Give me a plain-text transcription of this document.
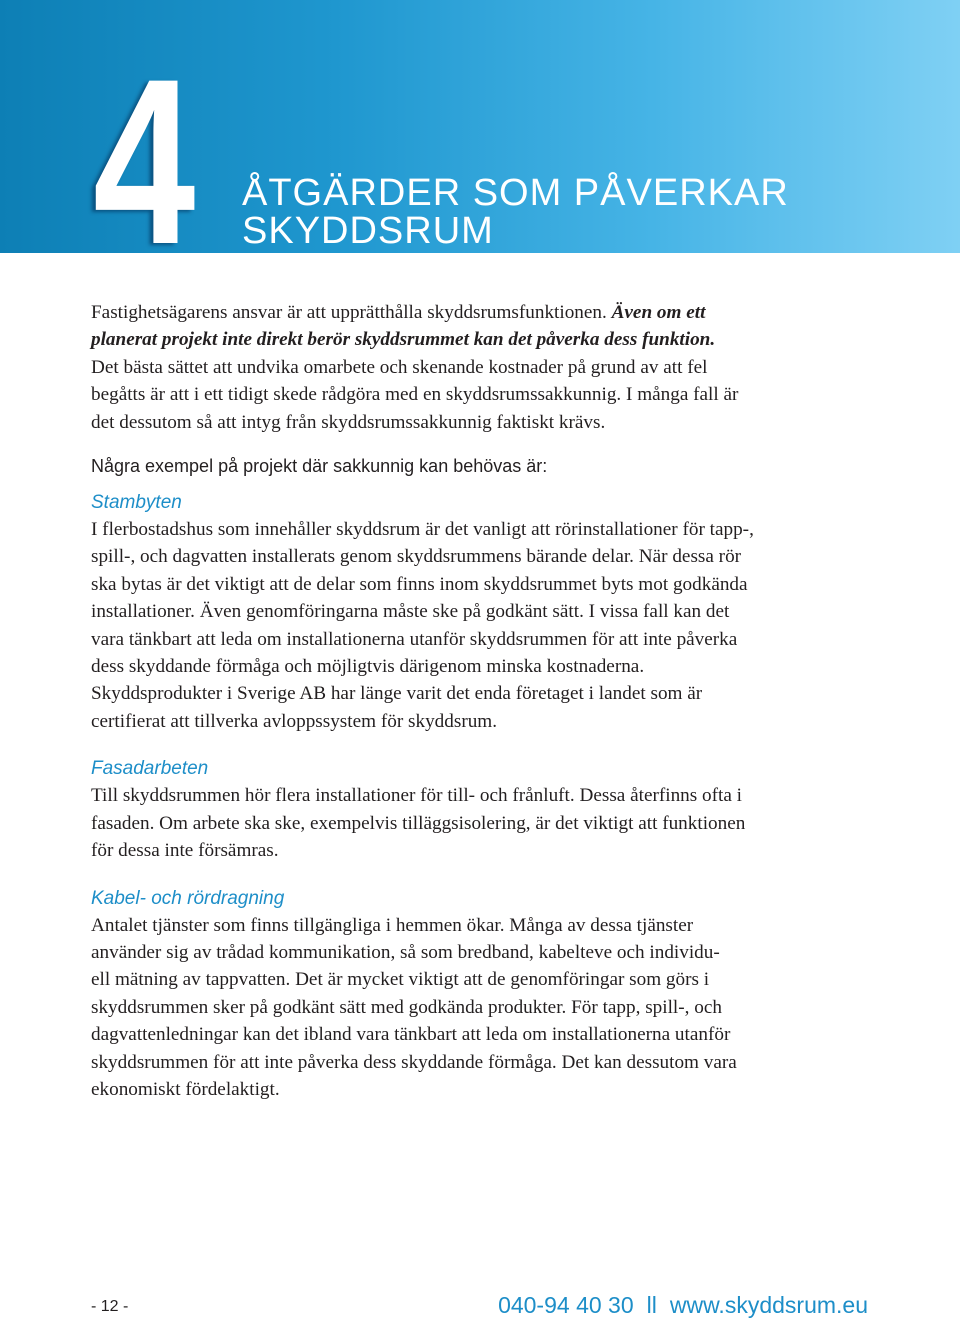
4 ÅTGÄRDER SOM PÅVERKAR
SKYDDSRUM

Fastighetsägarens ansvar är att upprätthålla skyddsrumsfunktionen. Även om ett
planerat projekt inte direkt berör skyddsrummet kan det påverka dess funktion.
Det bästa sättet att undvika omarbete och skenande kostnader på grund av att fel
begåtts är att i ett tidigt skede rådgöra med en skyddsrumssakkunnig. I många fall är
det dessutom så att intyg från skyddsrumssakkunnig faktiskt krävs.

Några exempel på projekt där sakkunnig kan behövas är:

Stambyten

I flerbostadshus som innehåller skyddsrum är det vanligt att rörinstallationer för tapp-,
spill-, och dagvatten installerats genom skyddsrummens bärande delar. När dessa rör
ska bytas är det viktigt att de delar som finns inom skyddsrummet byts mot godkända
installationer. Även genomföringarna måste ske på godkänt sätt. I vissa fall kan det
vara tänkbart att leda om installationerna utanför skyddsrummen för att inte påverka
dess skyddande förmåga och möjligtvis därigenom minska kostnaderna.
Skyddsprodukter i Sverige AB har länge varit det enda företaget i landet som är
certifierat att tillverka avloppssystem för skyddsrum.

Fasadarbeten

Till skyddsrummen hör flera installationer för till- och frånluft. Dessa återfinns ofta i
fasaden. Om arbete ska ske, exempelvis tilläggsisolering, är det viktigt att funktionen
för dessa inte försämras.

Kabel- och rördragning

Antalet tjänster som finns tillgängliga i hemmen ökar. Många av dessa tjänster
använder sig av trådad kommunikation, så som bredband, kabelteve och individu-
ell mätning av tappvatten. Det är mycket viktigt att de genomföringar som görs i
skyddsrummen sker på godkänt sätt med godkända produkter. För tapp, spill-, och
dagvattenledningar kan det ibland vara tänkbart att leda om installationerna utanför
skyddsrummen för att inte påverka dess skyddande förmåga. Det kan dessutom vara
ekonomiskt fördelaktigt.

- 12 -	040-94 40 30 ll www.skyddsrum.eu
